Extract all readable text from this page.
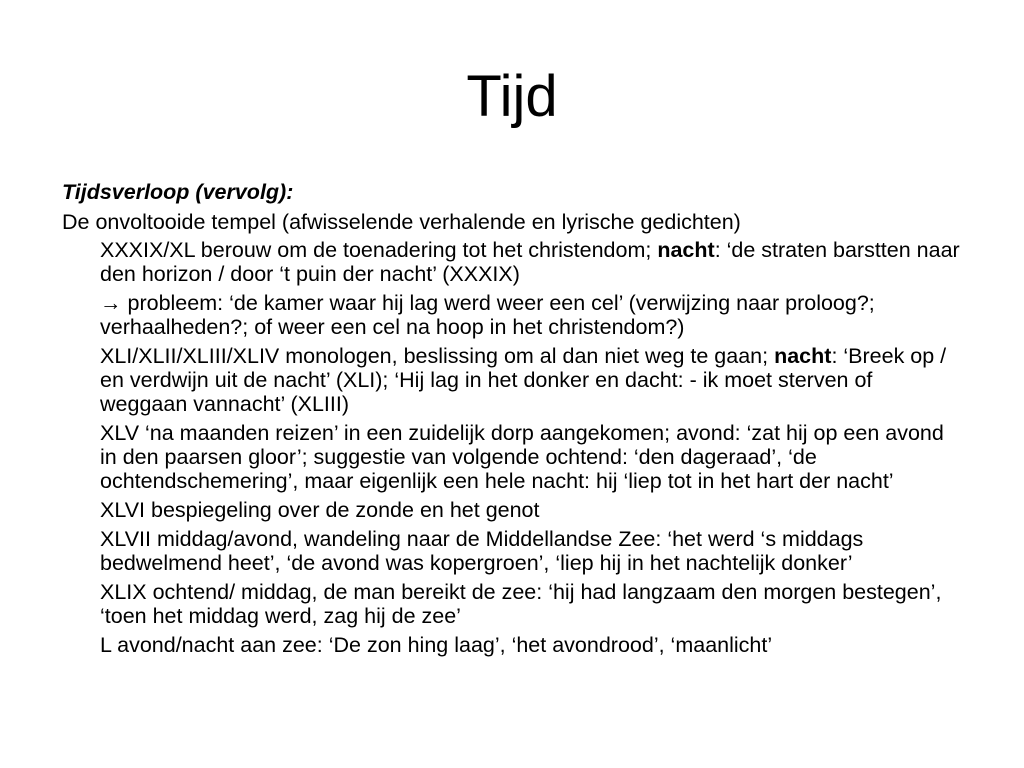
Tijd

Tijdsverloop (vervolg):

De onvoltooide tempel (afwisselende verhalende en lyrische gedichten)

XXXIX/XL berouw om de toenadering tot het christendom; nacht: ‘de straten barstten naar den horizon / door ‘t puin der nacht’ (XXXIX)

→ probleem: ‘de kamer waar hij lag werd weer een cel’ (verwijzing naar proloog?; verhaalheden?; of weer een cel na hoop in het christendom?)

XLI/XLII/XLIII/XLIV monologen, beslissing om al dan niet weg te gaan; nacht: ‘Breek op / en verdwijn uit de nacht’ (XLI); ‘Hij lag in het donker en dacht: - ik moet sterven of weggaan vannacht’ (XLIII)

XLV ‘na maanden reizen’ in een zuidelijk dorp aangekomen; avond: ‘zat hij op een avond in den paarsen gloor’; suggestie van volgende ochtend: ‘den dageraad’, ‘de ochtendschemering’, maar eigenlijk een hele nacht: hij ‘liep tot in het hart der nacht’

XLVI bespiegeling over de zonde en het genot

XLVII middag/avond, wandeling naar de Middellandse Zee: ‘het werd ‘s middags bedwelmend heet’, ‘de avond was kopergroen’, ‘liep hij in het nachtelijk donker’

XLIX ochtend/ middag, de man bereikt de zee: ‘hij had langzaam den morgen bestegen’, ‘toen het middag werd, zag hij de zee’

L avond/nacht aan zee: ‘De zon hing laag’, ‘het avondrood’, ‘maanlicht’
